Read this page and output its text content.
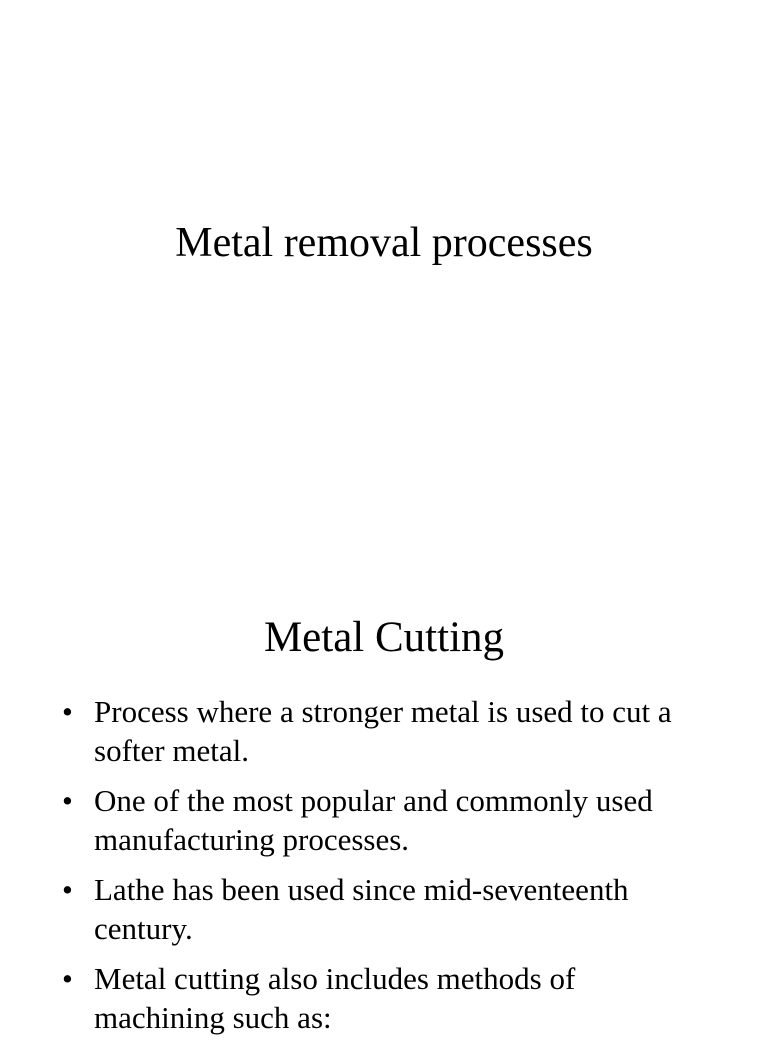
Metal removal processes
Metal Cutting
• Process where a stronger metal is used to cut a softer metal.
• One of the most popular and commonly used manufacturing processes.
• Lathe has been used since mid-seventeenth century.
• Metal cutting also includes methods of machining such as:
